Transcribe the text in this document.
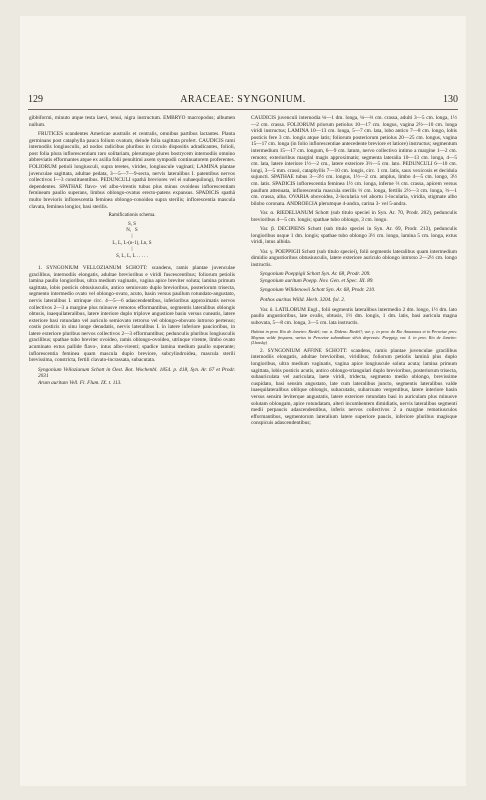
129	ARACEAE: SYNGONIUM.	130

gibbiformi, minuto atque testa laevi, tenui, nigra instructum. EMBRYO macropodus; albumen nullum.

FRUTICES scandentes Americae australis et centralis, omnibus partibus lactantes. Planta germinans post cataphylla pauca folium ovatum, deinde folia sagittata profert. CAUDICIS rami internodiis longiusculis, ad nodos radicibus pluribus in circulo dispositis adradicantes, folioli, post folia plura inflorescentiam raro solitariam, plerumque plures bostrycem internodiis omnino abbreviatis efformantes atque ex axilla folii penultimi axem sympodii continuatorem proferentes. FOLIORUM petioli longiusculi, supra teretes, virides, longiuscule vaginati; LAMINA plantae juvenculae sagittata, adultae pedata, 3—5—7—9-secta, nervis lateralibus I. patentibus nervos collectivos I—3 constituentibus. PEDUNCULI spathâ breviores vel ei subaequilongi, fructiferi dependentes. SPATHAE flavo- vel albo-virentis tubus plus minus ovoideus inflorescentiam femineam paullo superans, limbus oblongo-ovatus erecto-patens expansus. SPADICIS spathâ multo brevioris inflorescentia feminea oblongo-conoidea supra sterilis; inflorescentia mascula clavata, feminea longior, basi sterilis.

Ramificationis schema.
S, S
N,   S
|
L, L, L-(n-1), Ln, S
|
S, L, L, L . . . . .

1. SYNGONIUM VELLOZIANUM SCHOTT: scandens, ramis plantae juvenculae gracilibus, internodiis elongatis, adultae brevioribus e viridi fuscescentibus; foliorum petiolis lamina paullo longioribus, ultra medium vaginatis, vagina apice breviter soluta; lamina primum sagittata, lobis posticis obtusiusculis, antico semiovato duplo brevioribus, posteriorum trisecta, segmento intermedio ovato vel oblongo-ovato, acuto, basin versus paullum rotundato-angustato, nervis lateralibus I. utrinque circ. 4—5—6 adascendentibus, inferioribus approximatis nervos collectivos 2—3 a margine plus minusve remotos efformantibus, segmentis lateralibus oblongis obtusis, inaequilateralibus, latere interiore duplo triplove angustiore basin versus cuneatis, latere exteriore basi rotundato vel auriculo semiovato retrorso vel oblongo-obovato introrso pertenso; costis posticis in sinu longe denudatis, nervis lateralibus I. in latere inferiore paucioribus, in latere exteriore pluribus nervos collectivos 2—3 efformantibus; pedunculis pluribus longiusculis gracilibus; spathae tubo breviter ovoideo, ramis oblongo-ovoideo, utrinque virente, limbo ovato acuminato extus pallide flavo-, intus albo-virenti; spadice lamina medium paullo superante; inflorescentia feminea quam mascula duplo breviore, subcylindroidea, mascula sterili brevissima, constricta, fertili clavato-incrassata, subacutata.

Syngonium Vellozianum Schott in Oest. Bot. Wochenbl. 1854. p. 418, Syn. Ar. 67 et Prodr. 2031

Arum auritum Vell. Fl. Flum. IX. t. 113.

CAUDICIS juvenculi internodia ⅛—1 dm. longa, ⅛—⅓ cm. crassa, adulti 3—5 cm. longa, 1½—2 cm. crassa. FOLIORUM priorum petiolus 10—17 cm. longus, vagina 2½—10 cm. longa viridi instructus; LAMINA 10—13 cm. longa, 5—7 cm. lata, lobo antico 7—8 cm. longo, lobis posticis fere 3 cm. longis atque latis; foliorum posteriorum petiolus 20—25 cm. longus, vagina 15—17 cm. longa (in folio inflorescentiae antecedente breviore et latiore) instructus; segmentum intermedium 15—17 cm. longum, 6—9 cm. latum, nervo collectivo intimo a margine 1—2 cm. remoto; exterioribus marginl magis approximatis; segmenta lateralia 10—13 cm. longa, 4—5 cm. lata, latere interiore 1½—2 cm., latere exteriore 3½—5 cm. lato. PEDUNCULI 6—10 cm. longi, 3—5 mm. crassi, cataphyllis 7—10 cm. longis, circ. 1 cm. latis, saux vexicosis et decidula sujuncti. SPATHAE tubus 3—3½ cm. longus, 1½—2 cm. amplus, limbo 4—5 cm. longo, 3½ cm. latis. SPADICIS inflorescentia feminea 1½ cm. longa, inferne ⅔ cm. crassa, apicem versus paullum attenuata, inflorescentia mascula sterilis ⅓ cm. longa, fertilis 2½—3 cm. longa, ⅔—1 cm. crassa, alba. OVARIA obovoidea, 2-locularia vel abortu 1-locularia, viridia, stigmate albo bilobo coronata. ANDROECIA plerumque 4-andra, carina 3- vel 5-andra.

Var. α. RIEDELIANUM Schott (sub titulo speciei in Syn. Ar. 70, Prodr. 202), pedunculis brevioribus 4—5 cm. longis; spathae tubo oblongo, 3 cm. longo.

Var. β. DECIPIENS Schott (sub titulo speciei in Syn. Ar. 69, Prodr. 213), pedunculis longioribus usque 1 dm. longis; spathae tubo oblongo 3½ cm. longo, lamina 5 cm. longa, extus viridi, intus albida.

Var. γ. POEPPIGII Schott (sub titulo speciei), folii segmentis lateralibus quam intermedium dimidio angustioribus obtusiusculis, latere exteriore auriculo oblongo introrso 2—2½ cm. longo instructis.

Syngonium Poeppigii Schott Syn. Ar. 68, Prodr. 209.

Syngonium auritum Poepp. Nov. Gen. et Spec. III. 89.

Syngonium Willdenowii Schott Syn. Ar. 68, Prodr. 210.

Pothos auritus Willd. Herb. 3204. fol. 2.

Var. δ. LATILOBUM Engl., folii segmentis lateralibus intermedio 2 dm. longo, 1½ dm. lato paullo angustioribus, late ovalis, obtusis, 1½ dm. longis, 1 dm. latis, basi auricula magna subovata, 5—8 cm. longa, 3—5 cm. lata instructis.

Habitat in prov. Rio de Janeiro: Riedel; var. α. Didens: Riedel!; var. γ. in prov. do Rio Amazonas et in Peruviae prov. Maynas valde frequens, varius in Peruviae subandinae silvis depressis: Poeppig; var. δ. in prov. Rio de Janeiro: (Lhotsky)

2. SYNGONIUM AFFINE SCHOTT: scandens, ramis plantae juvenculae gracilibus internodiis elongatis, adultae brevioribus, viridibus; foliorum petiolis laminâ plus duplo longioribus, ultra medium vaginatis, vagina apice longiuscule soluta acuta; lamina primum sagittata, lobis posticis acutis, antico oblongo-triangulari duplo brevioribus, posteriorum trisecta, subauriculata vel auriculata, laete viridi, tridecta, segmento medio oblongo, brevissime cuspidato, basi sensim angustato, late cum lateralibus juncto, segmentis lateralibus valde inaequilateralibus oblique oblongis, subacutatis, subarcuato vergentibus, latere interiore basin versus sensim leviterque angustatis, latere exteriore rotundato basi in auriculam plus minusve solutam oblongam, apice rotundatam, alteri incumbentem dimidiatis, nervis lateralibus segmenti medii perpaucis adascendentibus, inferis nervos collectivos 2 a margine remotiusculos efformantibus, segmentorum lateralium latere superiore paucis, inferiore pluribus magisque conspicuis adascendentibus;
